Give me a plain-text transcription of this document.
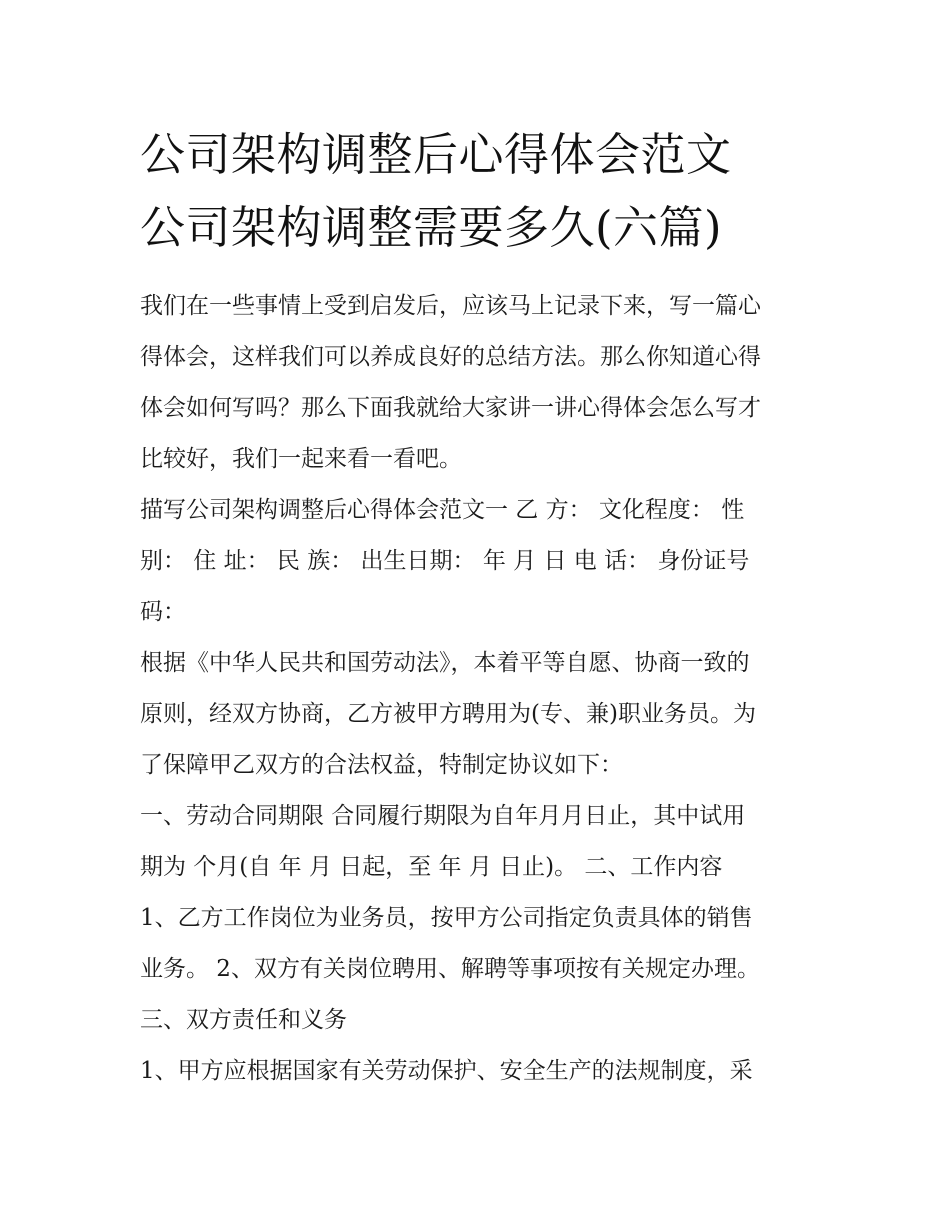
公司架构调整后心得体会范文
公司架构调整需要多久(六篇)
我们在一些事情上受到启发后，应该马上记录下来，写一篇心
得体会，这样我们可以养成良好的总结方法。那么你知道心得
体会如何写吗？那么下面我就给大家讲一讲心得体会怎么写才
比较好，我们一起来看一看吧。
描写公司架构调整后心得体会范文一 乙 方： 文化程度： 性
别： 住 址： 民 族： 出生日期： 年 月 日 电 话： 身份证号
码：
根据《中华人民共和国劳动法》，本着平等自愿、协商一致的
原则，经双方协商，乙方被甲方聘用为(专、兼)职业务员。为
了保障甲乙双方的合法权益，特制定协议如下：
一、劳动合同期限 合同履行期限为自年月月日止，其中试用
期为 个月(自 年 月 日起，至 年 月 日止)。 二、工作内容
1、乙方工作岗位为业务员，按甲方公司指定负责具体的销售
业务。 2、双方有关岗位聘用、解聘等事项按有关规定办理。
三、双方责任和义务
1、甲方应根据国家有关劳动保护、安全生产的法规制度，采
